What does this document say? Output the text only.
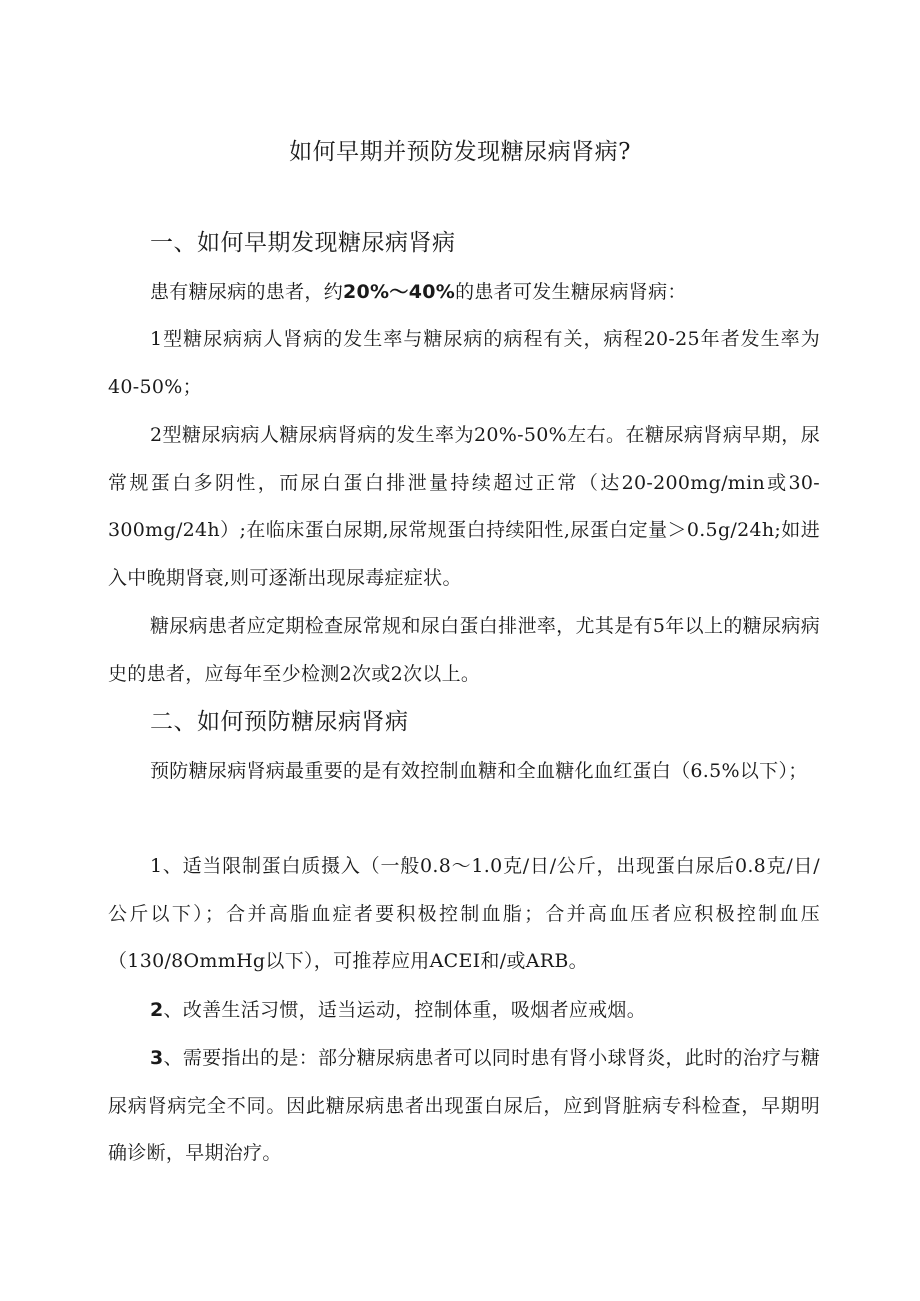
如何早期并预防发现糖尿病肾病?
一、如何早期发现糖尿病肾病

患有糖尿病的患者，约20%～40%的患者可发生糖尿病肾病：

1型糖尿病病人肾病的发生率与糖尿病的病程有关，病程20-25年者发生率为40-50%；

2型糖尿病病人糖尿病肾病的发生率为20%-50%左右。在糖尿病肾病早期，尿常规蛋白多阴性，而尿白蛋白排泄量持续超过正常（达20-200mg/min或30-300mg/24h）;在临床蛋白尿期,尿常规蛋白持续阳性,尿蛋白定量＞0.5g/24h;如进入中晚期肾衰,则可逐渐出现尿毒症症状。

糖尿病患者应定期检查尿常规和尿白蛋白排泄率，尤其是有5年以上的糖尿病病史的患者，应每年至少检测2次或2次以上。

二、如何预防糖尿病肾病

预防糖尿病肾病最重要的是有效控制血糖和全血糖化血红蛋白（6.5%以下）；

1、适当限制蛋白质摄入（一般0.8～1.0克/日/公斤，出现蛋白尿后0.8克/日/公斤以下）；合并高脂血症者要积极控制血脂；合并高血压者应积极控制血压（130/8OmmHg以下），可推荐应用ACEI和/或ARB。

2、改善生活习惯，适当运动，控制体重，吸烟者应戒烟。

3、需要指出的是：部分糖尿病患者可以同时患有肾小球肾炎，此时的治疗与糖尿病肾病完全不同。因此糖尿病患者出现蛋白尿后，应到肾脏病专科检查，早期明确诊断，早期治疗。
